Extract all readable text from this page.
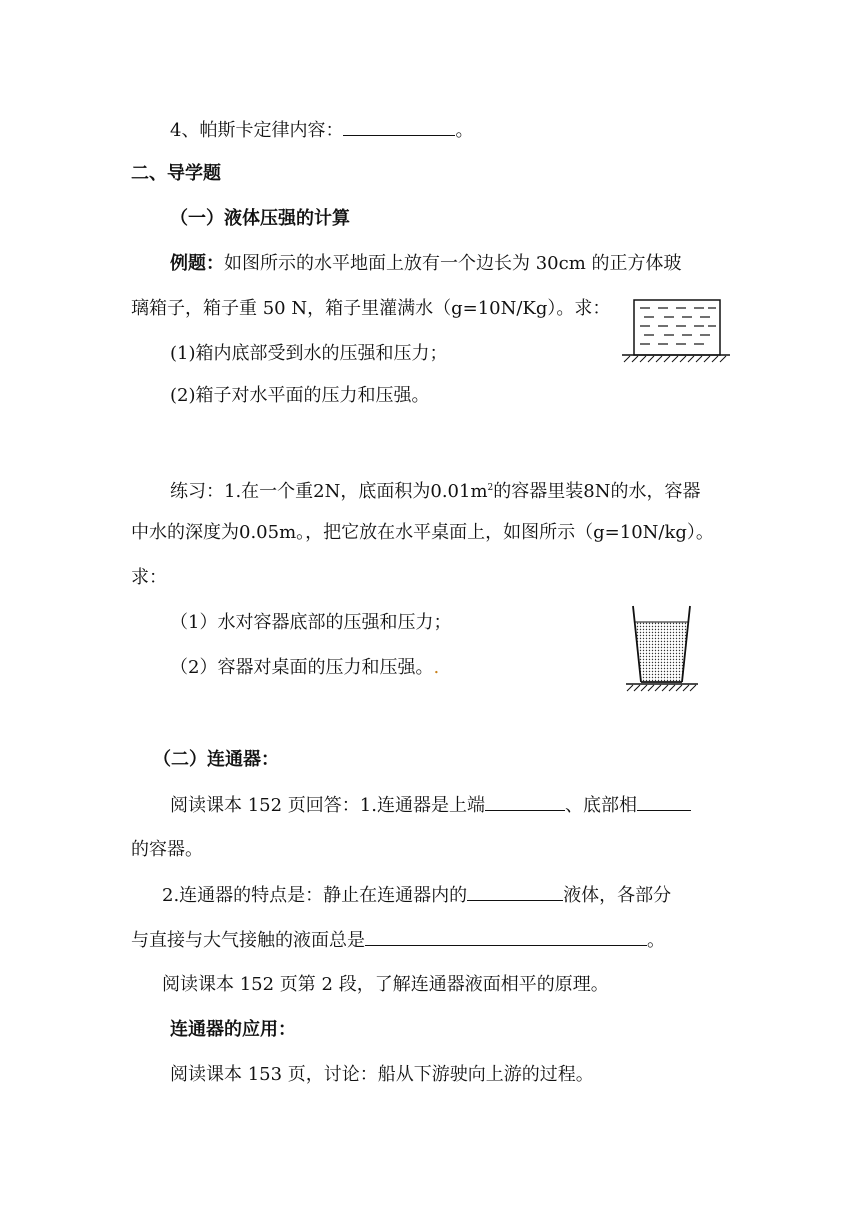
4、帕斯卡定律内容：	。
二、导学题
（一）液体压强的计算
例题：如图所示的水平地面上放有一个边长为 30cm 的正方体玻
璃箱子，箱子重 50 N，箱子里灌满水（g=10N/Kg）。求：
(1)箱内底部受到水的压强和压力；
(2)箱子对水平面的压力和压强。
练习：1.在一个重2N，底面积为$0.01m^2$的容器里装8N的水，容器
中水的深度为0.05m。，把它放在水平桌面上，如图所示（g=10N/kg）。
求：
（1）水对容器底部的压强和压力；
（2）容器对桌面的压力和压强。.
（二）连通器：
阅读课本 152 页回答：1.连通器是上端	、底部相
的容器。
2.连通器的特点是：静止在连通器内的	液体，各部分
与直接与大气接触的液面总是	。
阅读课本 152 页第 2 段，了解连通器液面相平的原理。
连通器的应用：
阅读课本 153 页，讨论：船从下游驶向上游的过程。
